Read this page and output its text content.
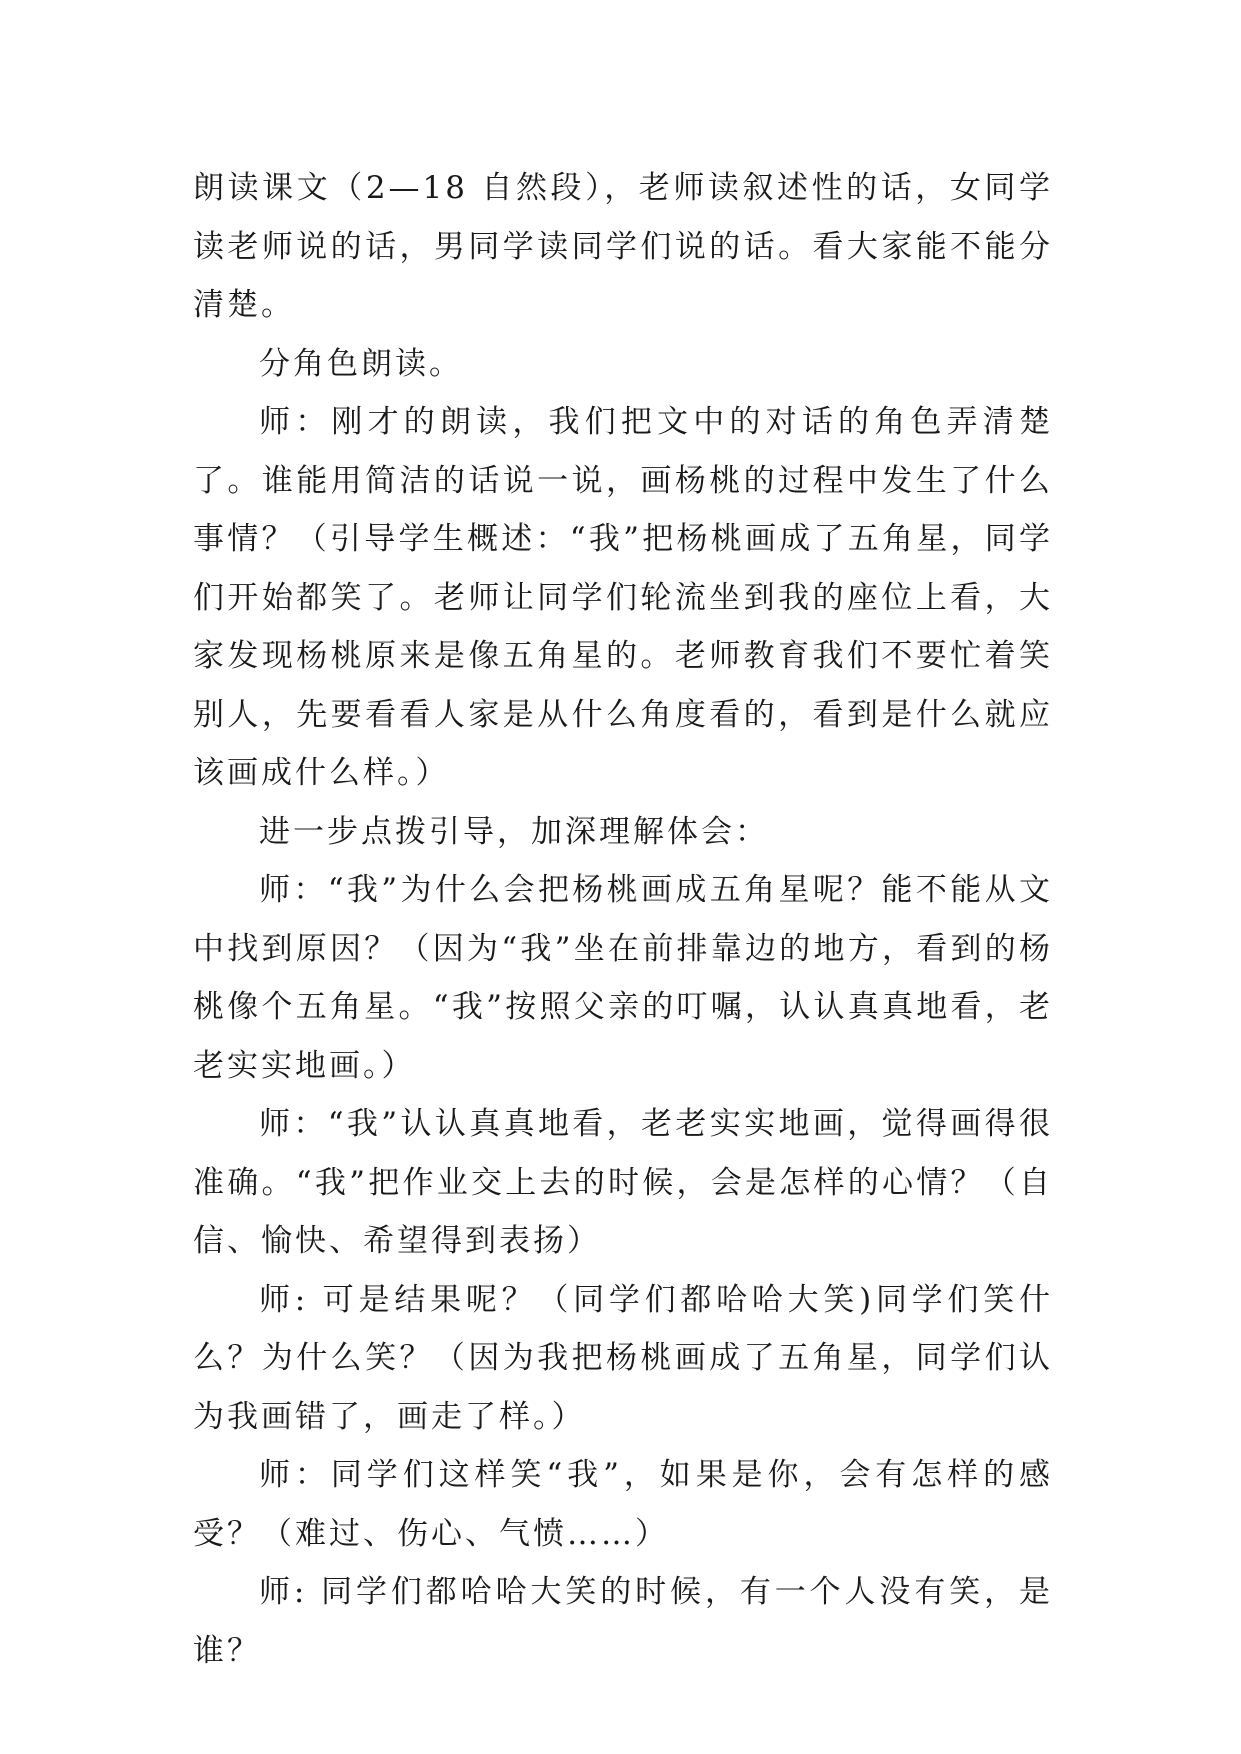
朗读课文（2—18 自然段），老师读叙述性的话，女同学读老师说的话，男同学读同学们说的话。看大家能不能分清楚。

分角色朗读。

师：刚才的朗读，我们把文中的对话的角色弄清楚了。谁能用简洁的话说一说，画杨桃的过程中发生了什么事情？（引导学生概述：“我”把杨桃画成了五角星，同学们开始都笑了。老师让同学们轮流坐到我的座位上看，大家发现杨桃原来是像五角星的。老师教育我们不要忙着笑别人，先要看看人家是从什么角度看的，看到是什么就应该画成什么样。）

进一步点拨引导，加深理解体会：

师：“我”为什么会把杨桃画成五角星呢？能不能从文中找到原因？（因为“我”坐在前排靠边的地方，看到的杨桃像个五角星。“我”按照父亲的叮嘱，认认真真地看，老老实实地画。）

师：“我”认认真真地看，老老实实地画，觉得画得很准确。“我”把作业交上去的时候，会是怎样的心情？（自信、愉快、希望得到表扬）

师: 可是结果呢？（同学们都哈哈大笑)同学们笑什么？为什么笑？（因为我把杨桃画成了五角星，同学们认为我画错了，画走了样。）

师：同学们这样笑“我”，如果是你，会有怎样的感受？（难过、伤心、气愤……）

师: 同学们都哈哈大笑的时候，有一个人没有笑，是谁？
